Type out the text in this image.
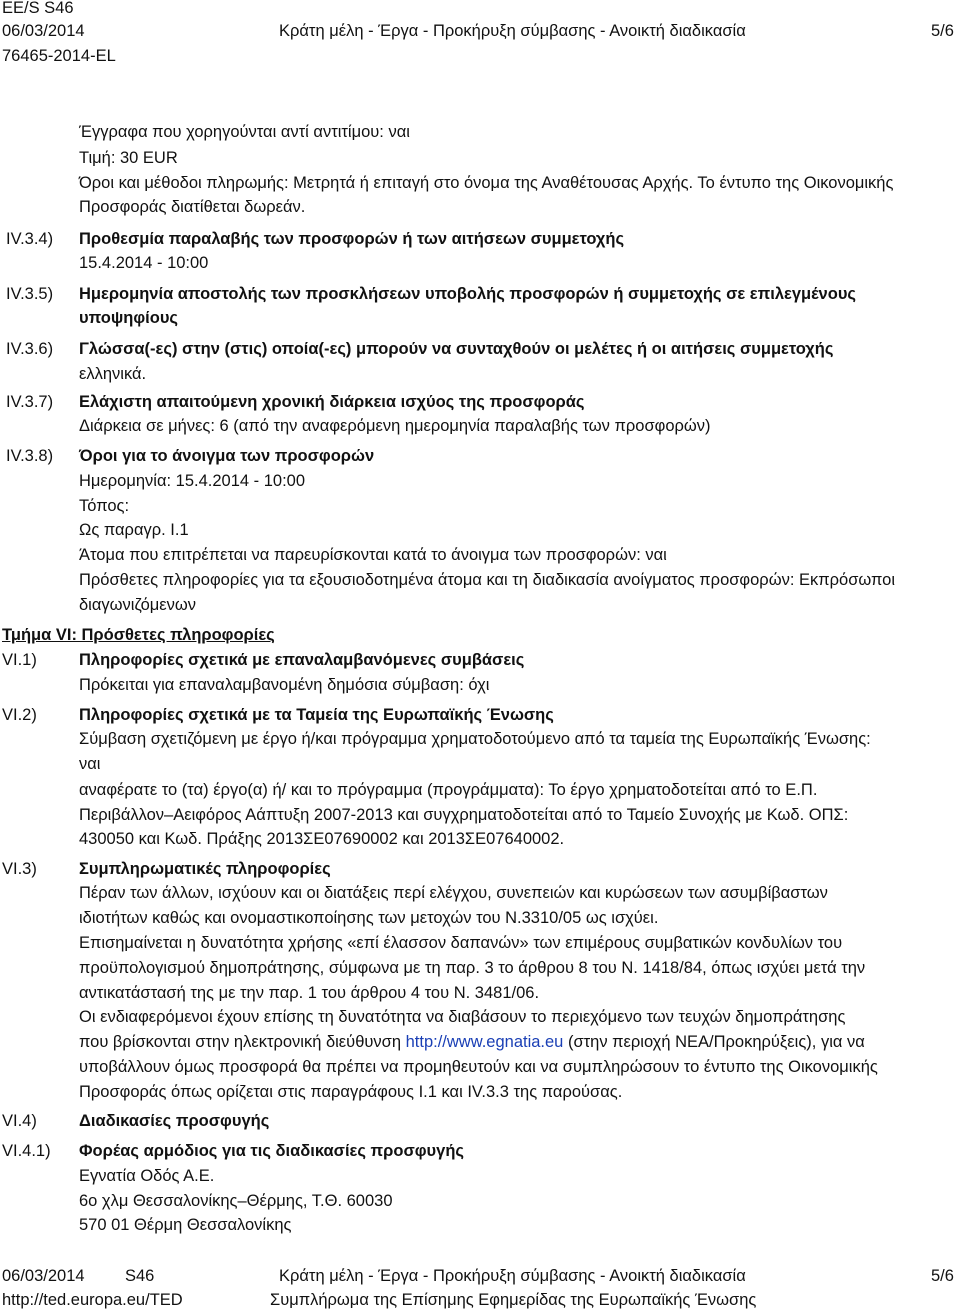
EE/S S46
06/03/2014	Κράτη μέλη - Έργα - Προκήρυξη σύμβασης - Ανοικτή διαδικασία	5/6
76465-2014-EL
Έγγραφα που χορηγούνται αντί αντιτίμου: ναι
Τιμή: 30 EUR
Όροι και μέθοδοι πληρωμής: Μετρητά ή επιταγή στο όνομα της Αναθέτουσας Αρχής. Το έντυπο της Οικονομικής
Προσφοράς διατίθεται δωρεάν.
IV.3.4) Προθεσμία παραλαβής των προσφορών ή των αιτήσεων συμμετοχής
15.4.2014 - 10:00
IV.3.5) Ημερομηνία αποστολής των προσκλήσεων υποβολής προσφορών ή συμμετοχής σε επιλεγμένους
υποψηφίους
IV.3.6) Γλώσσα(-ες) στην (στις) οποία(-ες) μπορούν να συνταχθούν οι μελέτες ή οι αιτήσεις συμμετοχής
ελληνικά.
IV.3.7) Ελάχιστη απαιτούμενη χρονική διάρκεια ισχύος της προσφοράς
Διάρκεια σε μήνες: 6 (από την αναφερόμενη ημερομηνία παραλαβής των προσφορών)
IV.3.8) Όροι για το άνοιγμα των προσφορών
Ημερομηνία: 15.4.2014 - 10:00
Τόπος:
Ως παραγρ. Ι.1
Άτομα που επιτρέπεται να παρευρίσκονται κατά το άνοιγμα των προσφορών: ναι
Πρόσθετες πληροφορίες για τα εξουσιοδοτημένα άτομα και τη διαδικασία ανοίγματος προσφορών: Εκπρόσωποι
διαγωνιζόμενων
Τμήμα VI: Πρόσθετες πληροφορίες
VI.1)	Πληροφορίες σχετικά με επαναλαμβανόμενες συμβάσεις
Πρόκειται για επαναλαμβανομένη δημόσια σύμβαση: όχι
VI.2)	Πληροφορίες σχετικά με τα Ταμεία της Ευρωπαϊκής Ένωσης
Σύμβαση σχετιζόμενη με έργο ή/και πρόγραμμα χρηματοδοτούμενο από τα ταμεία της Ευρωπαϊκής Ένωσης:
ναι
αναφέρατε το (τα) έργο(α) ή/ και το πρόγραμμα (προγράμματα): Το έργο χρηματοδοτείται από το Ε.Π.
Περιβάλλον–Αειφόρος Αάπτυξη 2007-2013 και συγχρηματοδοτείται από το Ταμείο Συνοχής με Κωδ. ΟΠΣ:
430050 και Κωδ. Πράξης 2013ΣΕ07690002 και 2013ΣΕ07640002.
VI.3)	Συμπληρωματικές πληροφορίες
Πέραν των άλλων, ισχύουν και οι διατάξεις περί ελέγχου, συνεπειών και κυρώσεων των ασυμβίβαστων
ιδιοτήτων καθώς και ονομαστικοποίησης των μετοχών του Ν.3310/05 ως ισχύει.
Επισημαίνεται η δυνατότητα χρήσης «επί έλασσον δαπανών» των επιμέρους συμβατικών κονδυλίων του
προϋπολογισμού δημοπράτησης, σύμφωνα με τη παρ. 3 το άρθρου 8 του Ν. 1418/84, όπως ισχύει μετά την
αντικατάστασή της με την παρ. 1 του άρθρου 4 του Ν. 3481/06.
Οι ενδιαφερόμενοι έχουν επίσης τη δυνατότητα να διαβάσουν το περιεχόμενο των τευχών δημοπράτησης
που βρίσκονται στην ηλεκτρονική διεύθυνση http://www.egnatia.eu (στην περιοχή ΝΕΑ/Προκηρύξεις), για να
υποβάλλουν όμως προσφορά θα πρέπει να προμηθευτούν και να συμπληρώσουν το έντυπο της Οικονομικής
Προσφοράς όπως ορίζεται στις παραγράφους Ι.1 και IV.3.3 της παρούσας.
VI.4)	Διαδικασίες προσφυγής
VI.4.1) Φορέας αρμόδιος για τις διαδικασίες προσφυγής
Εγνατία Οδός Α.Ε.
6ο χλμ Θεσσαλονίκης–Θέρμης, Τ.Θ. 60030
570 01 Θέρμη Θεσσαλονίκης
06/03/2014 S46	Κράτη μέλη - Έργα - Προκήρυξη σύμβασης - Ανοικτή διαδικασία	5/6
http://ted.europa.eu/TED	Συμπλήρωμα της Επίσημης Εφημερίδας της Ευρωπαϊκής Ένωσης
